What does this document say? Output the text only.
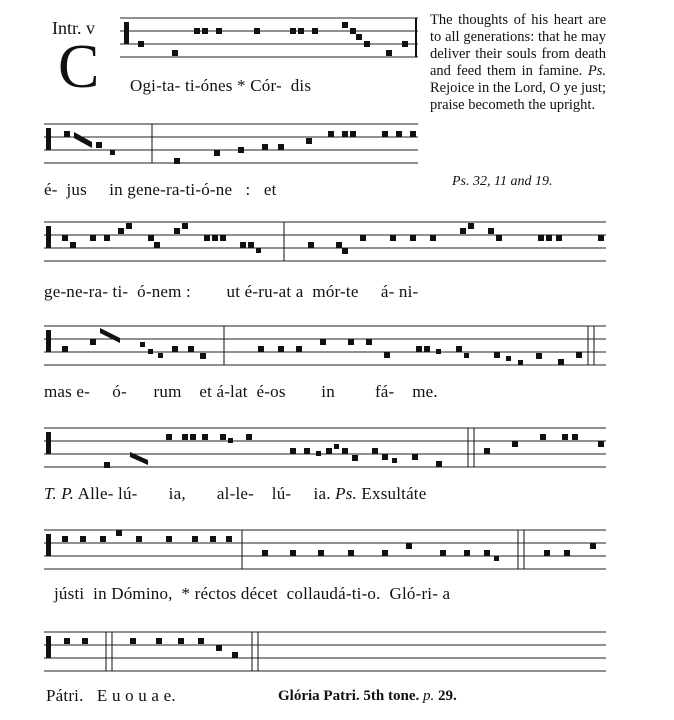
Intr. v
C
The thoughts of his heart are to all generations: that he may deliver their souls from death and feed them in famine. Ps. Rejoice in the Lord, O ye just; praise becometh the upright.
Ps. 32, 11 and 19.
Ogi-ta- ti-ónes * Cór-  dis
é-  jus     in gene-ra-ti-ó-ne   :   et
ge-ne-ra- ti-  ó-nem :        ut é-ru-at a  mór-te     á- ni-
mas e-     ó-      rum    et á-lat  é-os        in         fá-    me.
T. P. Alle- lú-       ia,       al-le-    lú-     ia. Ps. Exsultáte
jústi  in Dómino,  * réctos décet  collaudá-ti-o.  Gló-ri- a
Pátri.   E u o u a e.	Glória Patri. 5th tone. p. 29.
